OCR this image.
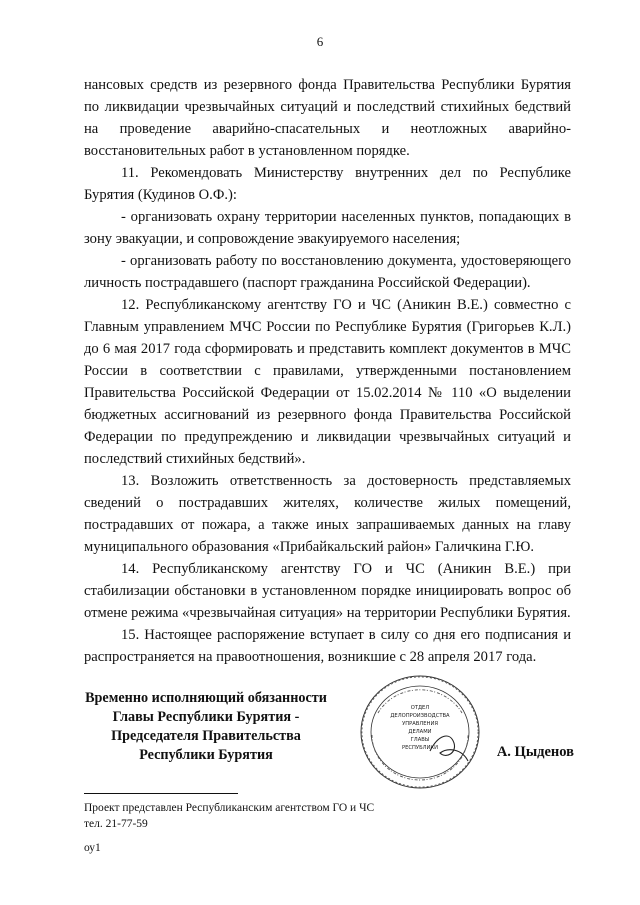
6

нансовых средств из резервного фонда Правительства Республики Бурятия по ликвидации чрезвычайных ситуаций и последствий стихийных бедствий на проведение аварийно-спасательных и неотложных аварийно-восстановительных работ в установленном порядке.

11. Рекомендовать Министерству внутренних дел по Республике Бурятия (Кудинов О.Ф.):

- организовать охрану территории населенных пунктов, попадающих в зону эвакуации, и сопровождение эвакуируемого населения;

- организовать работу по восстановлению документа, удостоверяющего личность пострадавшего (паспорт гражданина Российской Федерации).

12. Республиканскому агентству ГО и ЧС (Аникин В.Е.) совместно с Главным управлением МЧС России по Республике Бурятия (Григорьев К.Л.) до 6 мая 2017 года сформировать и представить комплект документов в МЧС России в соответствии с правилами, утвержденными постановлением Правительства Российской Федерации от 15.02.2014 № 110 «О выделении бюджетных ассигнований из резервного фонда Правительства Российской Федерации по предупреждению и ликвидации чрезвычайных ситуаций и последствий стихийных бедствий».

13. Возложить ответственность за достоверность представляемых сведений о пострадавших жителях, количестве жилых помещений, пострадавших от пожара, а также иных запрашиваемых данных на главу муниципального образования «Прибайкальский район» Галичкина Г.Ю.

14. Республиканскому агентству ГО и ЧС (Аникин В.Е.) при стабилизации обстановки в установленном порядке инициировать вопрос об отмене режима «чрезвычайная ситуация» на территории Республики Бурятия.

15. Настоящее распоряжение вступает в силу со дня его подписания и распространяется на правоотношения, возникшие с 28 апреля 2017 года.

Временно исполняющий обязанности
Главы Республики Бурятия -
Председателя Правительства
Республики Бурятия
ОТДЕЛ
ДЕЛОПРОИЗВОДСТВА
УПРАВЛЕНИЯ
ДЕЛАМИ
ГЛАВЫ
РЕСПУБЛИКИ	А. Цыденов
Проект представлен Республиканским агентством ГО и ЧС
тел. 21-77-59
оу1
